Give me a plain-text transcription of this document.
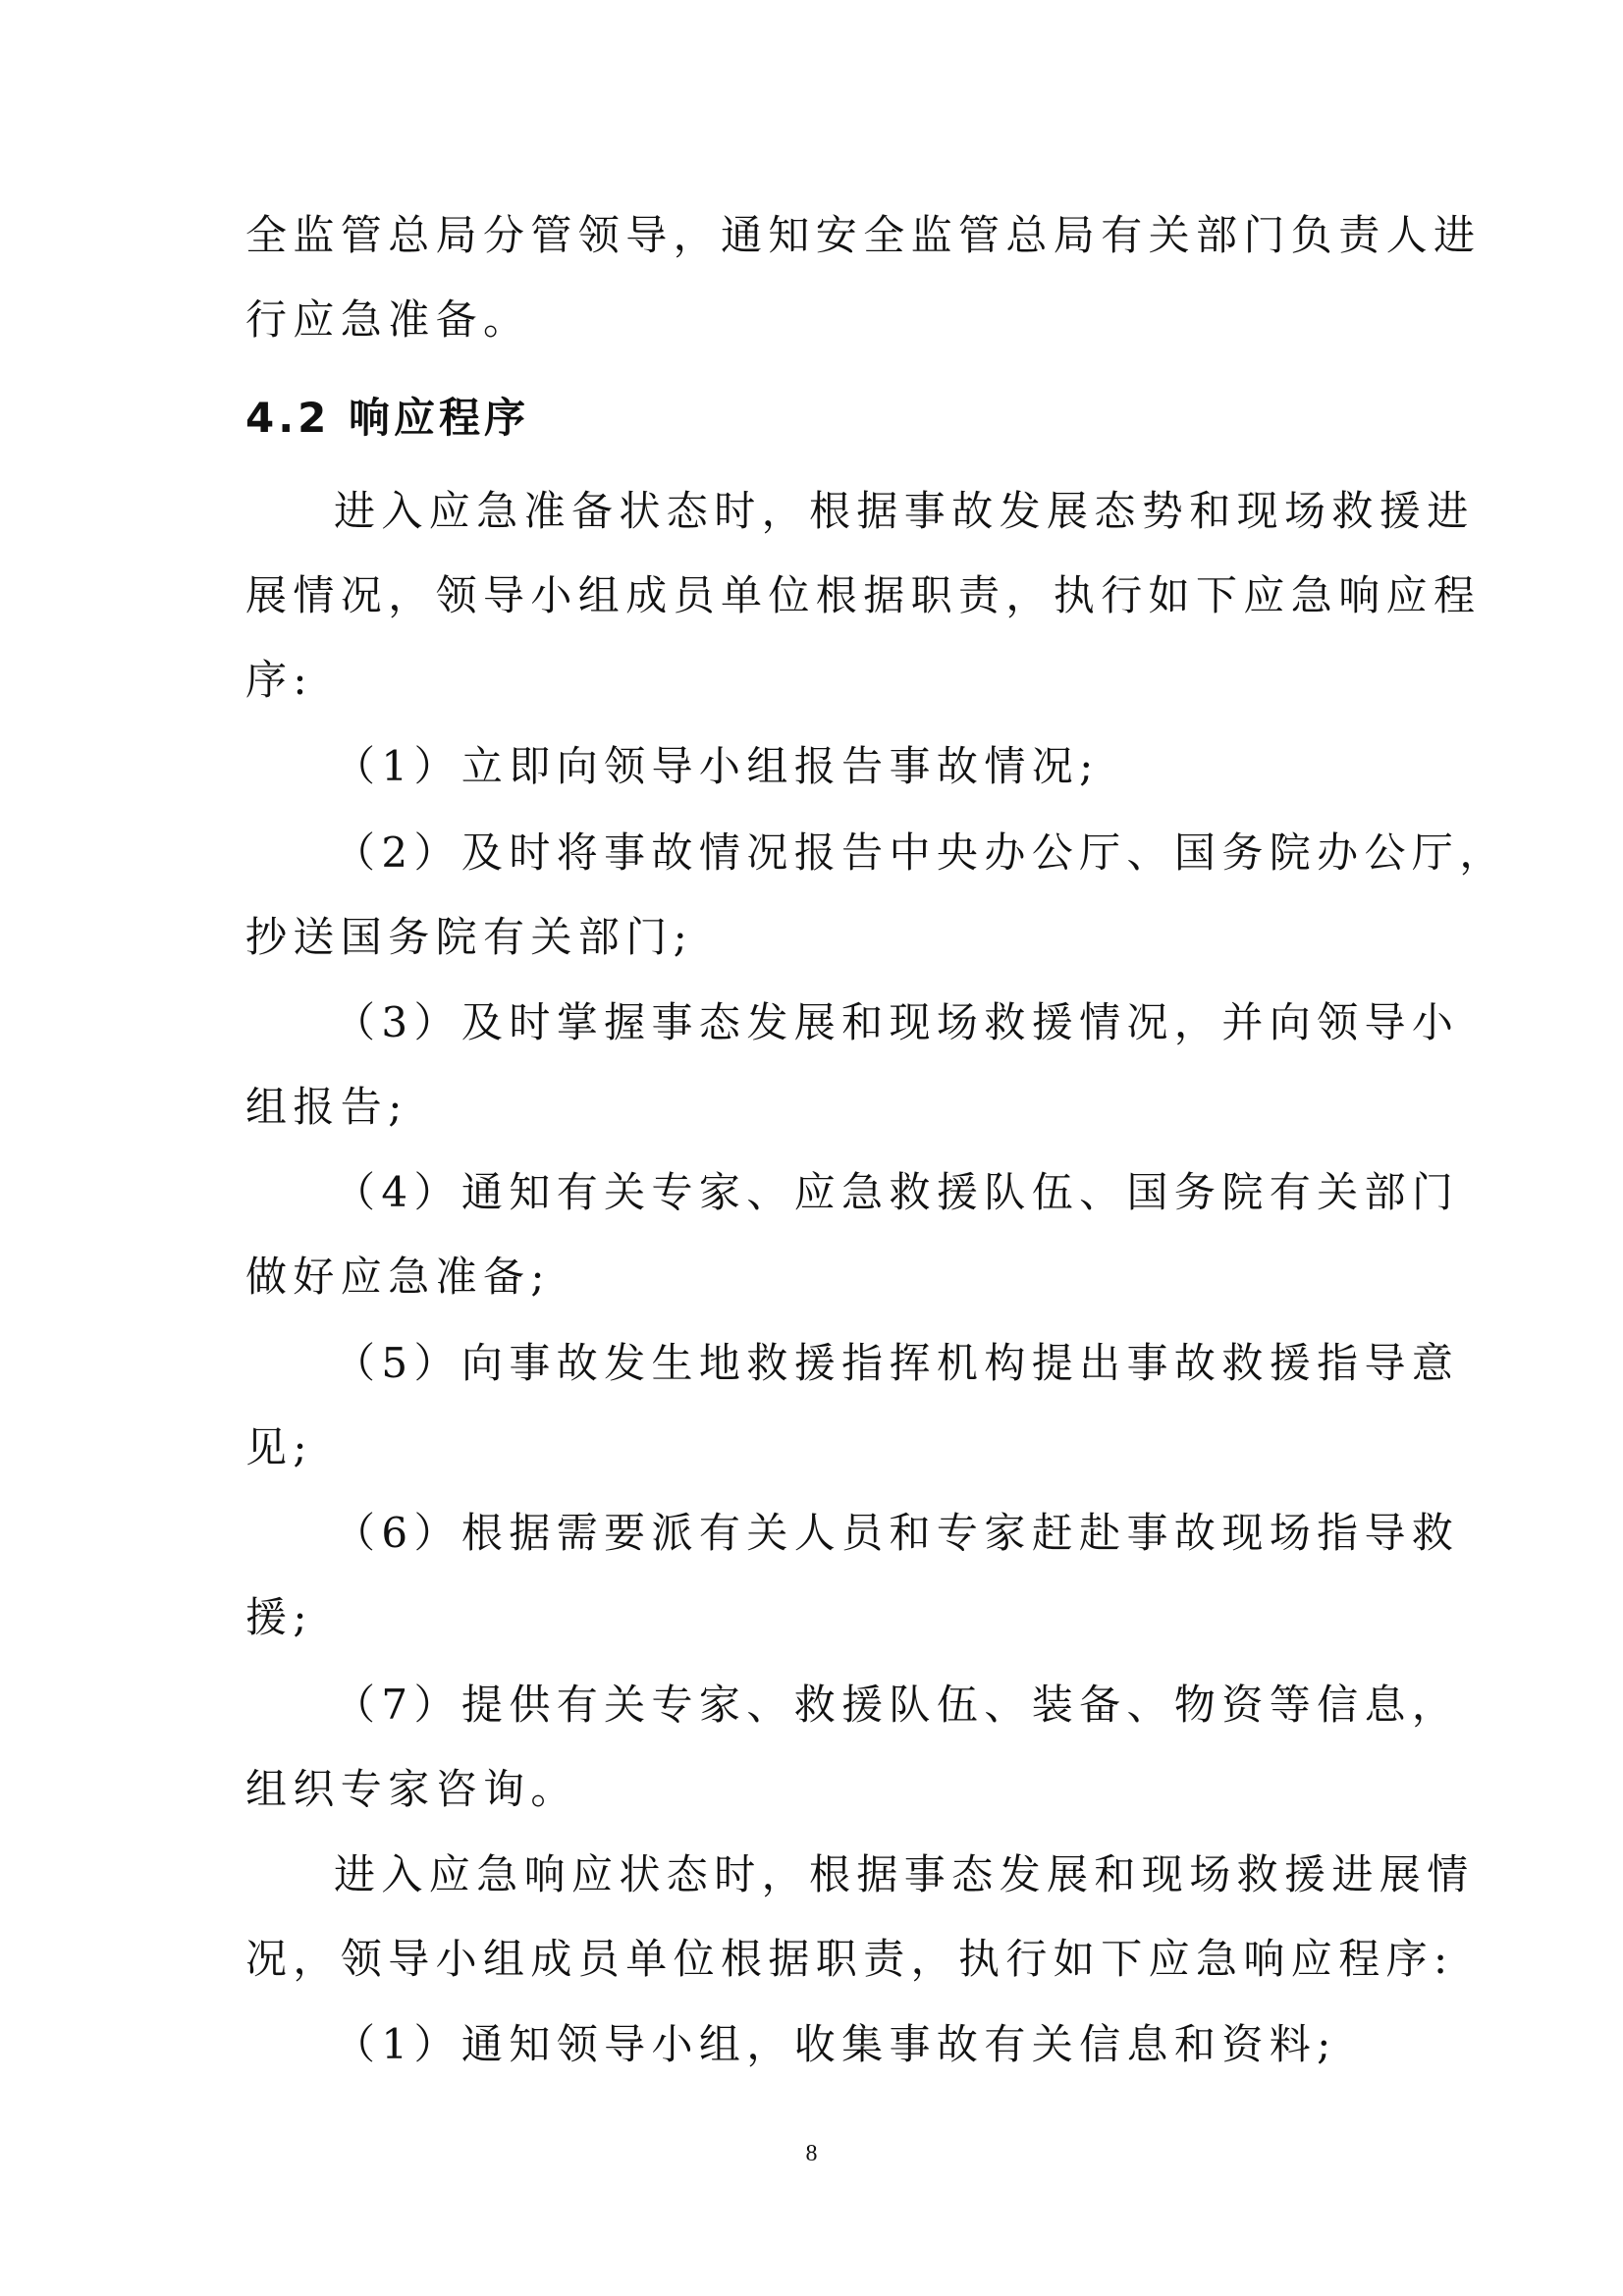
全监管总局分管领导，通知安全监管总局有关部门负责人进
行应急准备。
4.2 响应程序
进入应急准备状态时，根据事故发展态势和现场救援进
展情况，领导小组成员单位根据职责，执行如下应急响应程
序:
（1）立即向领导小组报告事故情况;
（2）及时将事故情况报告中央办公厅、国务院办公厅，
抄送国务院有关部门;
（3）及时掌握事态发展和现场救援情况，并向领导小
组报告;
（4）通知有关专家、应急救援队伍、国务院有关部门
做好应急准备;
（5）向事故发生地救援指挥机构提出事故救援指导意
见;
（6）根据需要派有关人员和专家赶赴事故现场指导救
援;
（7）提供有关专家、救援队伍、装备、物资等信息，
组织专家咨询。
进入应急响应状态时，根据事态发展和现场救援进展情
况，领导小组成员单位根据职责，执行如下应急响应程序:
（1）通知领导小组，收集事故有关信息和资料;
8
